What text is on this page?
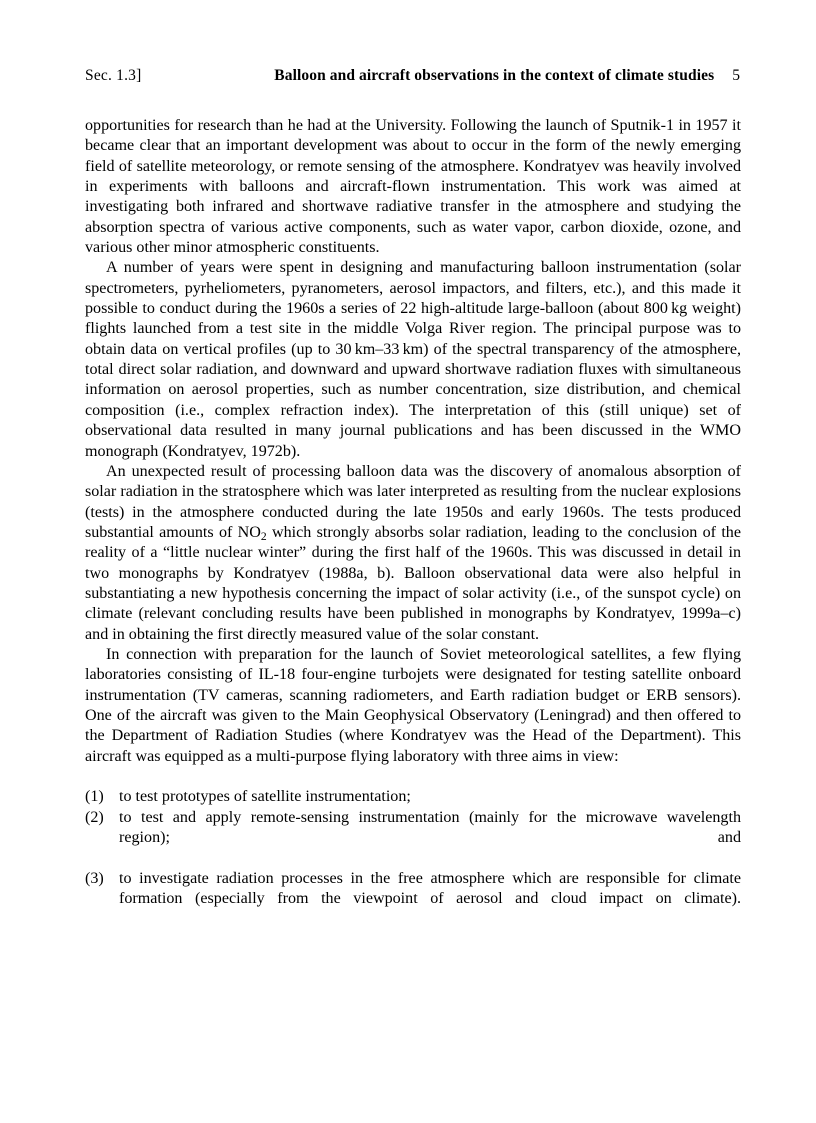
Sec. 1.3]	Balloon and aircraft observations in the context of climate studies 5

opportunities for research than he had at the University. Following the launch of Sputnik-1 in 1957 it became clear that an important development was about to occur in the form of the newly emerging field of satellite meteorology, or remote sensing of the atmosphere. Kondratyev was heavily involved in experiments with balloons and aircraft-flown instrumentation. This work was aimed at investigating both infrared and shortwave radiative transfer in the atmosphere and studying the absorption spectra of various active components, such as water vapor, carbon dioxide, ozone, and various other minor atmospheric constituents.

A number of years were spent in designing and manufacturing balloon instrumentation (solar spectrometers, pyrheliometers, pyranometers, aerosol impactors, and filters, etc.), and this made it possible to conduct during the 1960s a series of 22 high-altitude large-balloon (about 800 kg weight) flights launched from a test site in the middle Volga River region. The principal purpose was to obtain data on vertical profiles (up to 30 km–33 km) of the spectral transparency of the atmosphere, total direct solar radiation, and downward and upward shortwave radiation fluxes with simultaneous information on aerosol properties, such as number concentration, size distribution, and chemical composition (i.e., complex refraction index). The interpretation of this (still unique) set of observational data resulted in many journal publications and has been discussed in the WMO monograph (Kondratyev, 1972b).

An unexpected result of processing balloon data was the discovery of anomalous absorption of solar radiation in the stratosphere which was later interpreted as resulting from the nuclear explosions (tests) in the atmosphere conducted during the late 1950s and early 1960s. The tests produced substantial amounts of $NO_2$ which strongly absorbs solar radiation, leading to the conclusion of the reality of a “little nuclear winter” during the first half of the 1960s. This was discussed in detail in two monographs by Kondratyev (1988a, b). Balloon observational data were also helpful in substantiating a new hypothesis concerning the impact of solar activity (i.e., of the sunspot cycle) on climate (relevant concluding results have been published in monographs by Kondratyev, 1999a–c) and in obtaining the first directly measured value of the solar constant.

In connection with preparation for the launch of Soviet meteorological satellites, a few flying laboratories consisting of IL-18 four-engine turbojets were designated for testing satellite onboard instrumentation (TV cameras, scanning radiometers, and Earth radiation budget or ERB sensors). One of the aircraft was given to the Main Geophysical Observatory (Leningrad) and then offered to the Department of Radiation Studies (where Kondratyev was the Head of the Department). This aircraft was equipped as a multi-purpose flying laboratory with three aims in view:

(1) to test prototypes of satellite instrumentation;
(2) to test and apply remote-sensing instrumentation (mainly for the microwave wavelength region); and
(3) to investigate radiation processes in the free atmosphere which are responsible for climate formation (especially from the viewpoint of aerosol and cloud impact on climate).
